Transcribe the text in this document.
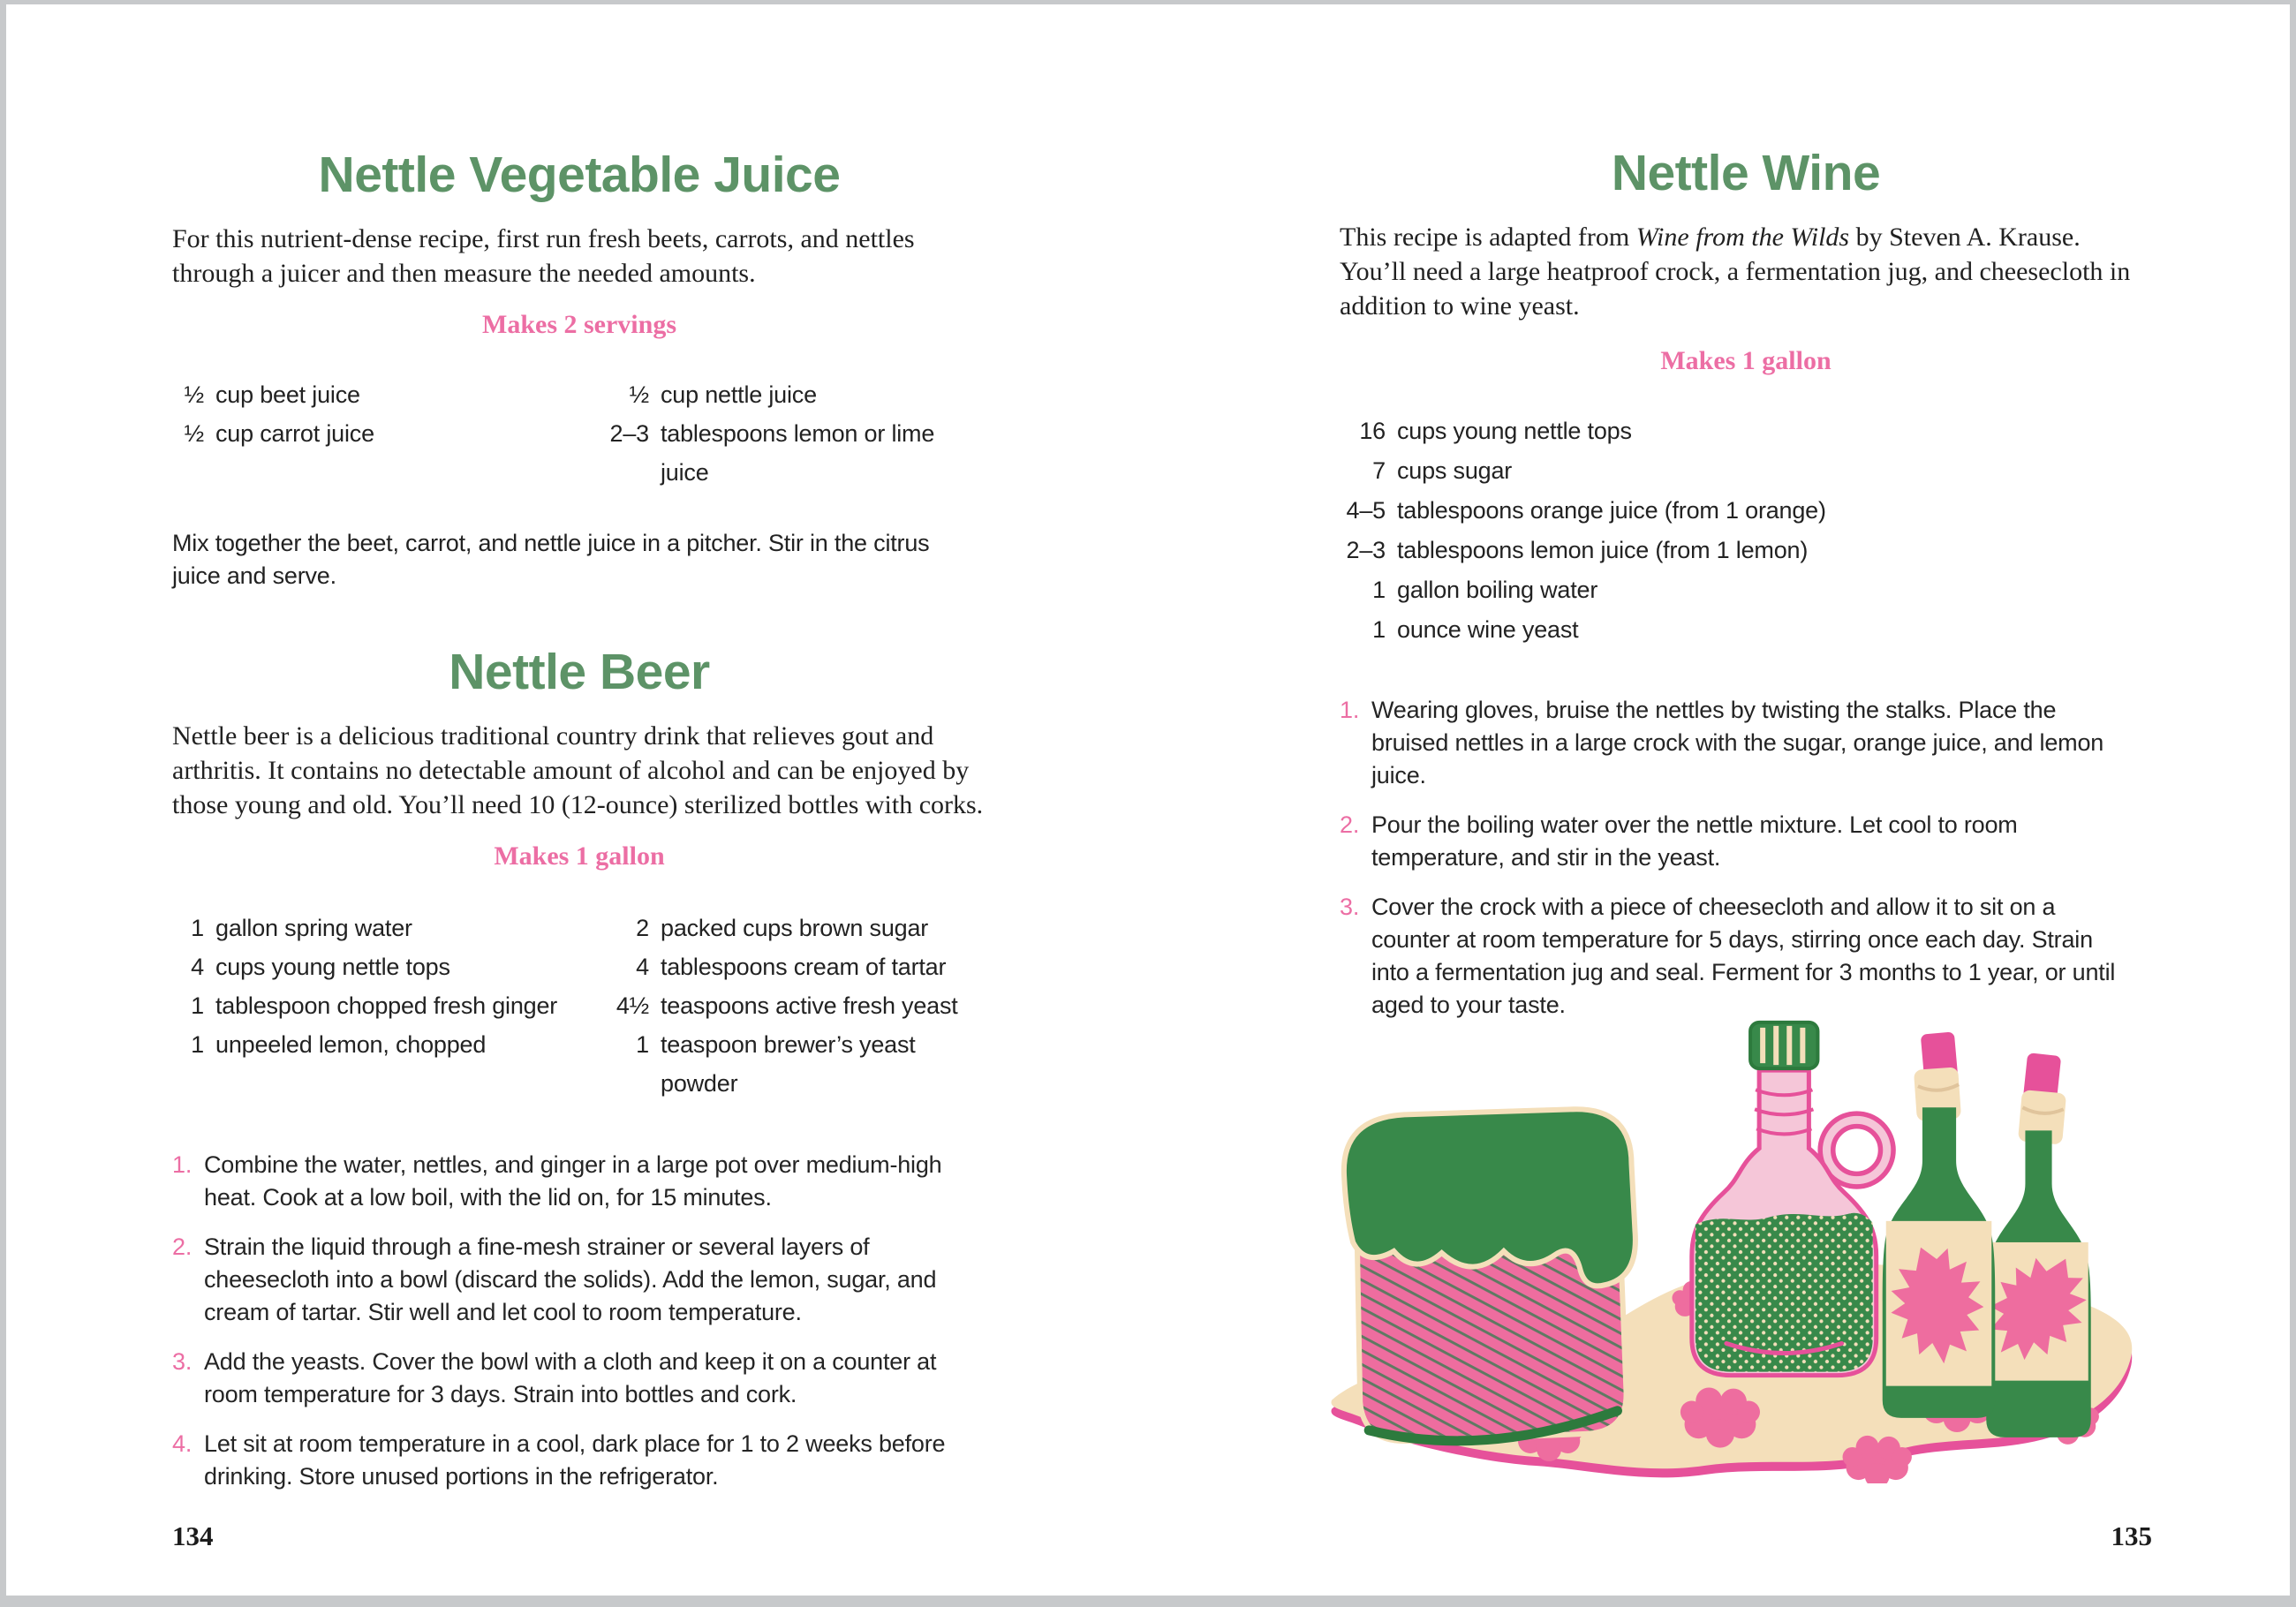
Nettle Vegetable Juice

For this nutrient-dense recipe, first run fresh beets, carrots, and nettles through a juicer and then measure the needed amounts.

Makes 2 servings
½ cup beet juice
½ cup carrot juice
½ cup nettle juice
2–3 tablespoons lemon or lime juice

Mix together the beet, carrot, and nettle juice in a pitcher. Stir in the citrus juice and serve.

Nettle Beer

Nettle beer is a delicious traditional country drink that relieves gout and arthritis. It contains no detectable amount of alcohol and can be enjoyed by those young and old. You’ll need 10 (12-ounce) sterilized bottles with corks.

Makes 1 gallon
1 gallon spring water
4 cups young nettle tops
1 tablespoon chopped fresh ginger
1 unpeeled lemon, chopped
2 packed cups brown sugar
4 tablespoons cream of tartar
4½ teaspoons active fresh yeast
1 teaspoon brewer’s yeast powder
1. Combine the water, nettles, and ginger in a large pot over medium-high heat. Cook at a low boil, with the lid on, for 15 minutes.
2. Strain the liquid through a fine-mesh strainer or several layers of cheesecloth into a bowl (discard the solids). Add the lemon, sugar, and cream of tartar. Stir well and let cool to room temperature.
3. Add the yeasts. Cover the bowl with a cloth and keep it on a counter at room temperature for 3 days. Strain into bottles and cork.
4. Let sit at room temperature in a cool, dark place for 1 to 2 weeks before drinking. Store unused portions in the refrigerator.
Nettle Wine

This recipe is adapted from Wine from the Wilds by Steven A. Krause. You’ll need a large heatproof crock, a fermentation jug, and cheesecloth in addition to wine yeast.

Makes 1 gallon
16 cups young nettle tops
7 cups sugar
4–5 tablespoons orange juice (from 1 orange)
2–3 tablespoons lemon juice (from 1 lemon)
1 gallon boiling water
1 ounce wine yeast
1. Wearing gloves, bruise the nettles by twisting the stalks. Place the bruised nettles in a large crock with the sugar, orange juice, and lemon juice.
2. Pour the boiling water over the nettle mixture. Let cool to room temperature, and stir in the yeast.
3. Cover the crock with a piece of cheesecloth and allow it to sit on a counter at room temperature for 5 days, stirring once each day. Strain into a fermentation jug and seal. Ferment for 3 months to 1 year, or until aged to your taste.
134	135
